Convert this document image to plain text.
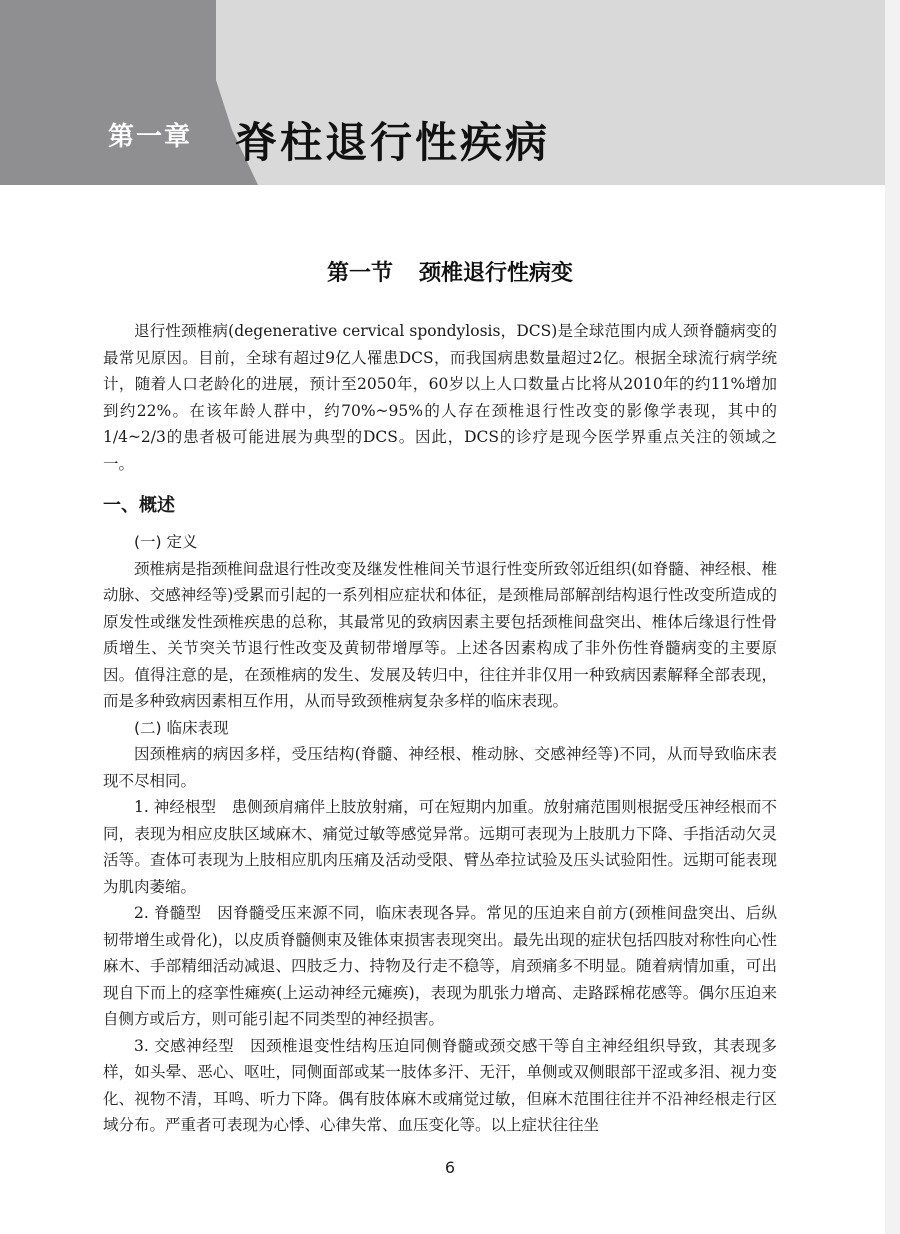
第一章 脊柱退行性疾病
第一节 颈椎退行性病变

退行性颈椎病(degenerative cervical spondylosis，DCS)是全球范围内成人颈脊髓病变的最常见原因。目前，全球有超过9亿人罹患DCS，而我国病患数量超过2亿。根据全球流行病学统计，随着人口老龄化的进展，预计至2050年，60岁以上人口数量占比将从2010年的约11%增加到约22%。在该年龄人群中，约70%~95%的人存在颈椎退行性改变的影像学表现，其中的1/4~2/3的患者极可能进展为典型的DCS。因此，DCS的诊疗是现今医学界重点关注的领域之一。

一、概述
(一) 定义

颈椎病是指颈椎间盘退行性改变及继发性椎间关节退行性变所致邻近组织(如脊髓、神经根、椎动脉、交感神经等)受累而引起的一系列相应症状和体征，是颈椎局部解剖结构退行性改变所造成的原发性或继发性颈椎疾患的总称，其最常见的致病因素主要包括颈椎间盘突出、椎体后缘退行性骨质增生、关节突关节退行性改变及黄韧带增厚等。上述各因素构成了非外伤性脊髓病变的主要原因。值得注意的是，在颈椎病的发生、发展及转归中，往往并非仅用一种致病因素解释全部表现，而是多种致病因素相互作用，从而导致颈椎病复杂多样的临床表现。

(二) 临床表现

因颈椎病的病因多样，受压结构(脊髓、神经根、椎动脉、交感神经等)不同，从而导致临床表现不尽相同。

1. 神经根型　患侧颈肩痛伴上肢放射痛，可在短期内加重。放射痛范围则根据受压神经根而不同，表现为相应皮肤区域麻木、痛觉过敏等感觉异常。远期可表现为上肢肌力下降、手指活动欠灵活等。查体可表现为上肢相应肌肉压痛及活动受限、臂丛牵拉试验及压头试验阳性。远期可能表现为肌肉萎缩。

2. 脊髓型　因脊髓受压来源不同，临床表现各异。常见的压迫来自前方(颈椎间盘突出、后纵韧带增生或骨化)，以皮质脊髓侧束及锥体束损害表现突出。最先出现的症状包括四肢对称性向心性麻木、手部精细活动减退、四肢乏力、持物及行走不稳等，肩颈痛多不明显。随着病情加重，可出现自下而上的痉挛性瘫痪(上运动神经元瘫痪)，表现为肌张力增高、走路踩棉花感等。偶尔压迫来自侧方或后方，则可能引起不同类型的神经损害。

3. 交感神经型　因颈椎退变性结构压迫同侧脊髓或颈交感干等自主神经组织导致，其表现多样，如头晕、恶心、呕吐，同侧面部或某一肢体多汗、无汗，单侧或双侧眼部干涩或多泪、视力变化、视物不清，耳鸣、听力下降。偶有肢体麻木或痛觉过敏，但麻木范围往往并不沿神经根走行区域分布。严重者可表现为心悸、心律失常、血压变化等。以上症状往往坐

6
